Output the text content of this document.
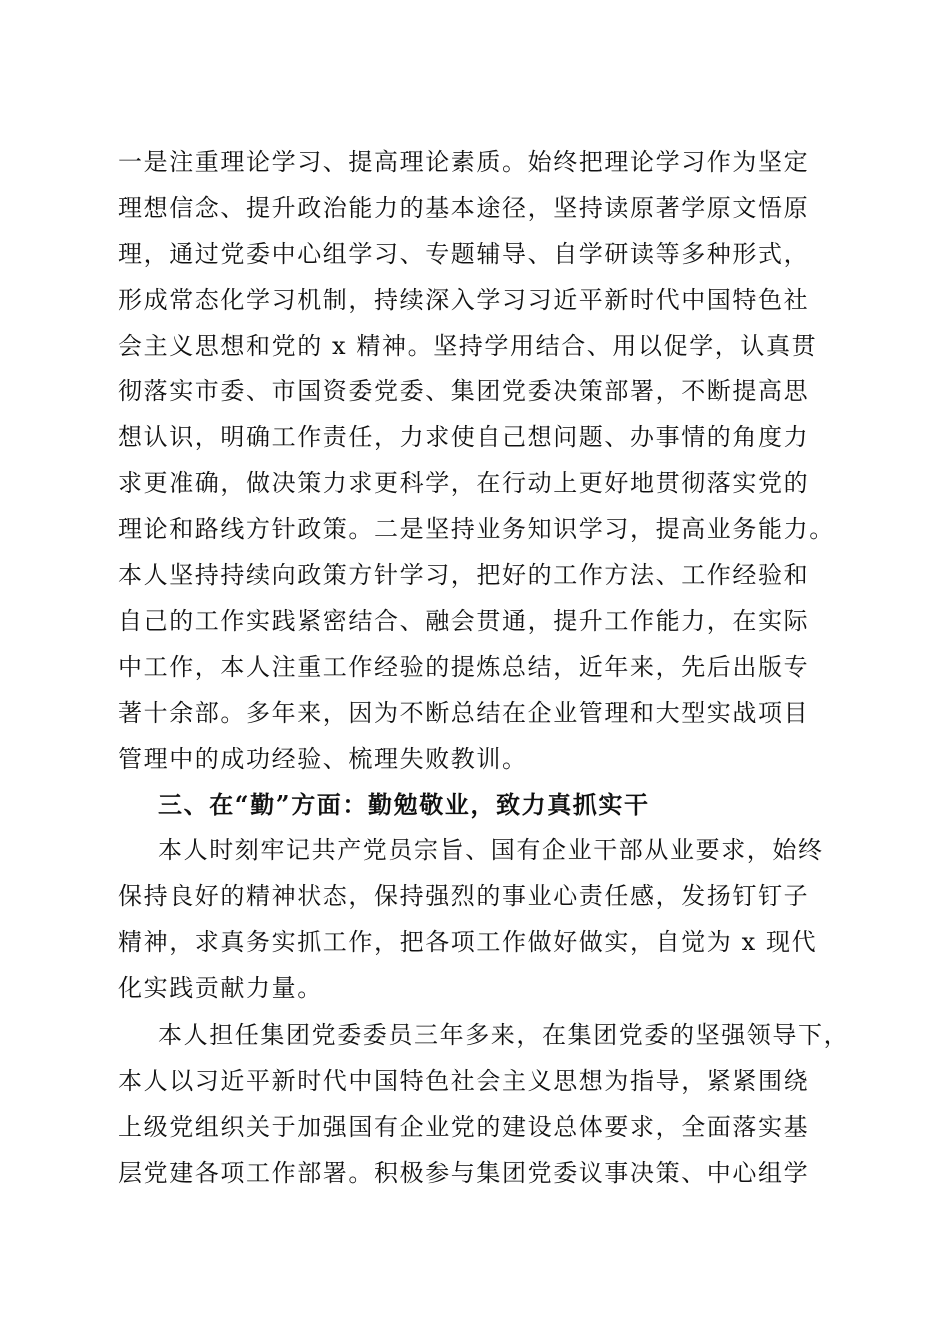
一是注重理论学习、提高理论素质。始终把理论学习作为坚定
理想信念、提升政治能力的基本途径，坚持读原著学原文悟原
理，通过党委中心组学习、专题辅导、自学研读等多种形式，
形成常态化学习机制，持续深入学习习近平新时代中国特色社
会主义思想和党的 x 精神。坚持学用结合、用以促学，认真贯
彻落实市委、市国资委党委、集团党委决策部署，不断提高思
想认识，明确工作责任，力求使自己想问题、办事情的角度力
求更准确，做决策力求更科学，在行动上更好地贯彻落实党的
理论和路线方针政策。二是坚持业务知识学习，提高业务能力。
本人坚持持续向政策方针学习，把好的工作方法、工作经验和
自己的工作实践紧密结合、融会贯通，提升工作能力，在实际
中工作，本人注重工作经验的提炼总结，近年来，先后出版专
著十余部。多年来，因为不断总结在企业管理和大型实战项目
管理中的成功经验、梳理失败教训。
三、在“勤”方面：勤勉敬业，致力真抓实干
本人时刻牢记共产党员宗旨、国有企业干部从业要求，始终
保持良好的精神状态，保持强烈的事业心责任感，发扬钉钉子
精神，求真务实抓工作，把各项工作做好做实，自觉为 x 现代
化实践贡献力量。
本人担任集团党委委员三年多来，在集团党委的坚强领导下，
本人以习近平新时代中国特色社会主义思想为指导，紧紧围绕
上级党组织关于加强国有企业党的建设总体要求，全面落实基
层党建各项工作部署。积极参与集团党委议事决策、中心组学
